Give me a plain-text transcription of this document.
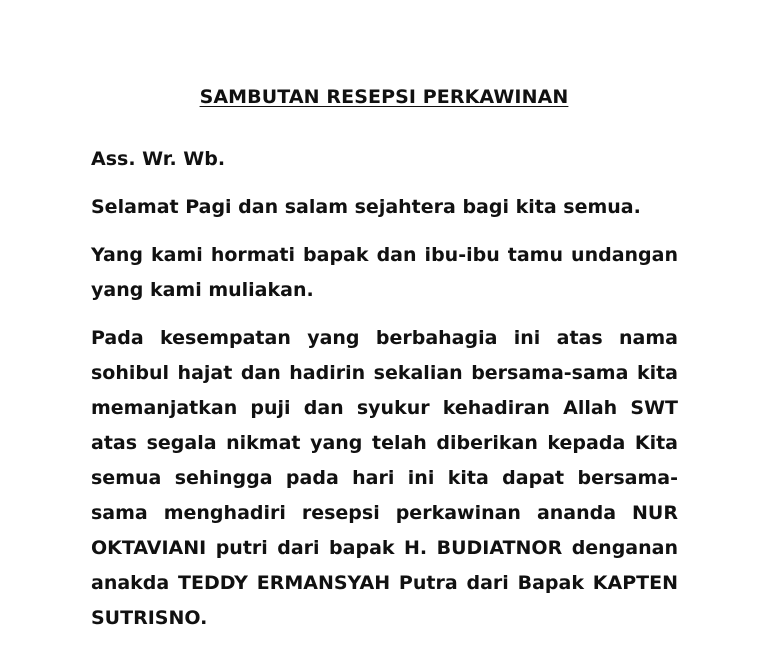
SAMBUTAN RESEPSI PERKAWINAN

Ass. Wr. Wb.

Selamat Pagi dan salam sejahtera bagi kita semua.

Yang kami hormati bapak dan ibu-ibu tamu undangan yang kami muliakan.

Pada kesempatan yang berbahagia ini atas nama sohibul hajat dan hadirin sekalian bersama-sama kita memanjatkan puji dan syukur kehadiran Allah SWT atas segala nikmat yang telah diberikan kepada Kita semua sehingga pada hari ini kita dapat bersama-sama menghadiri resepsi perkawinan ananda NUR OKTAVIANI putri dari bapak H. BUDIATNOR denganan anakda TEDDY ERMANSYAH Putra dari Bapak KAPTEN SUTRISNO.
